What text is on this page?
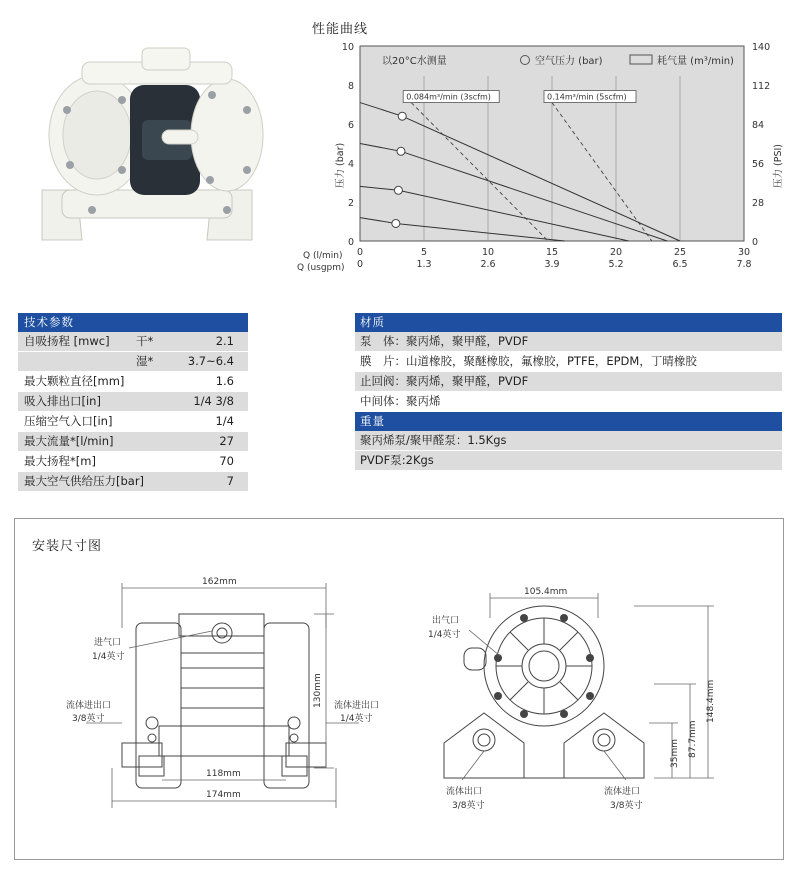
性能曲线
以20°C水测量	空气压力 (bar)	耗气量 (m³/min)
压力 (bar)	压力 (PSI)
Q (l/min)
Q (usgpm)
0
0
5
1.3
10
2.6
15
3.9
20
5.2
25
6.5
30
7.8
0	0
2	28
4	56
6	84
8	112
10	140
0.084m³/min (3scfm)	0.14m³/min (5scfm)
技术参数
自吸扬程 [mwc] 干*	2.1
湿*	3.7~6.4
最大颗粒直径[mm]	1.6
吸入排出口[in]	1/4 3/8
压缩空气入口[in]	1/4
最大流量*[l/min]	27
最大扬程*[m]	70
最大空气供给压力[bar]	7
材质
泵　体：聚丙烯，聚甲醛，PVDF
膜　片：山道橡胶，聚醚橡胶，氟橡胶，PTFE，EPDM，丁晴橡胶
止回阀：聚丙烯，聚甲醛，PVDF
中间体：聚丙烯
重量
聚丙烯泵/聚甲醛泵：1.5Kgs
PVDF泵:2Kgs
安装尺寸图
162mm
118mm
174mm
130mm
进气口
1/4英寸
流体进出口
3/8英寸
流体进出口
1/4英寸
105.4mm
148.4mm
87.7mm
35mm
出气口
1/4英寸
流体出口
3/8英寸
流体进口
3/8英寸
